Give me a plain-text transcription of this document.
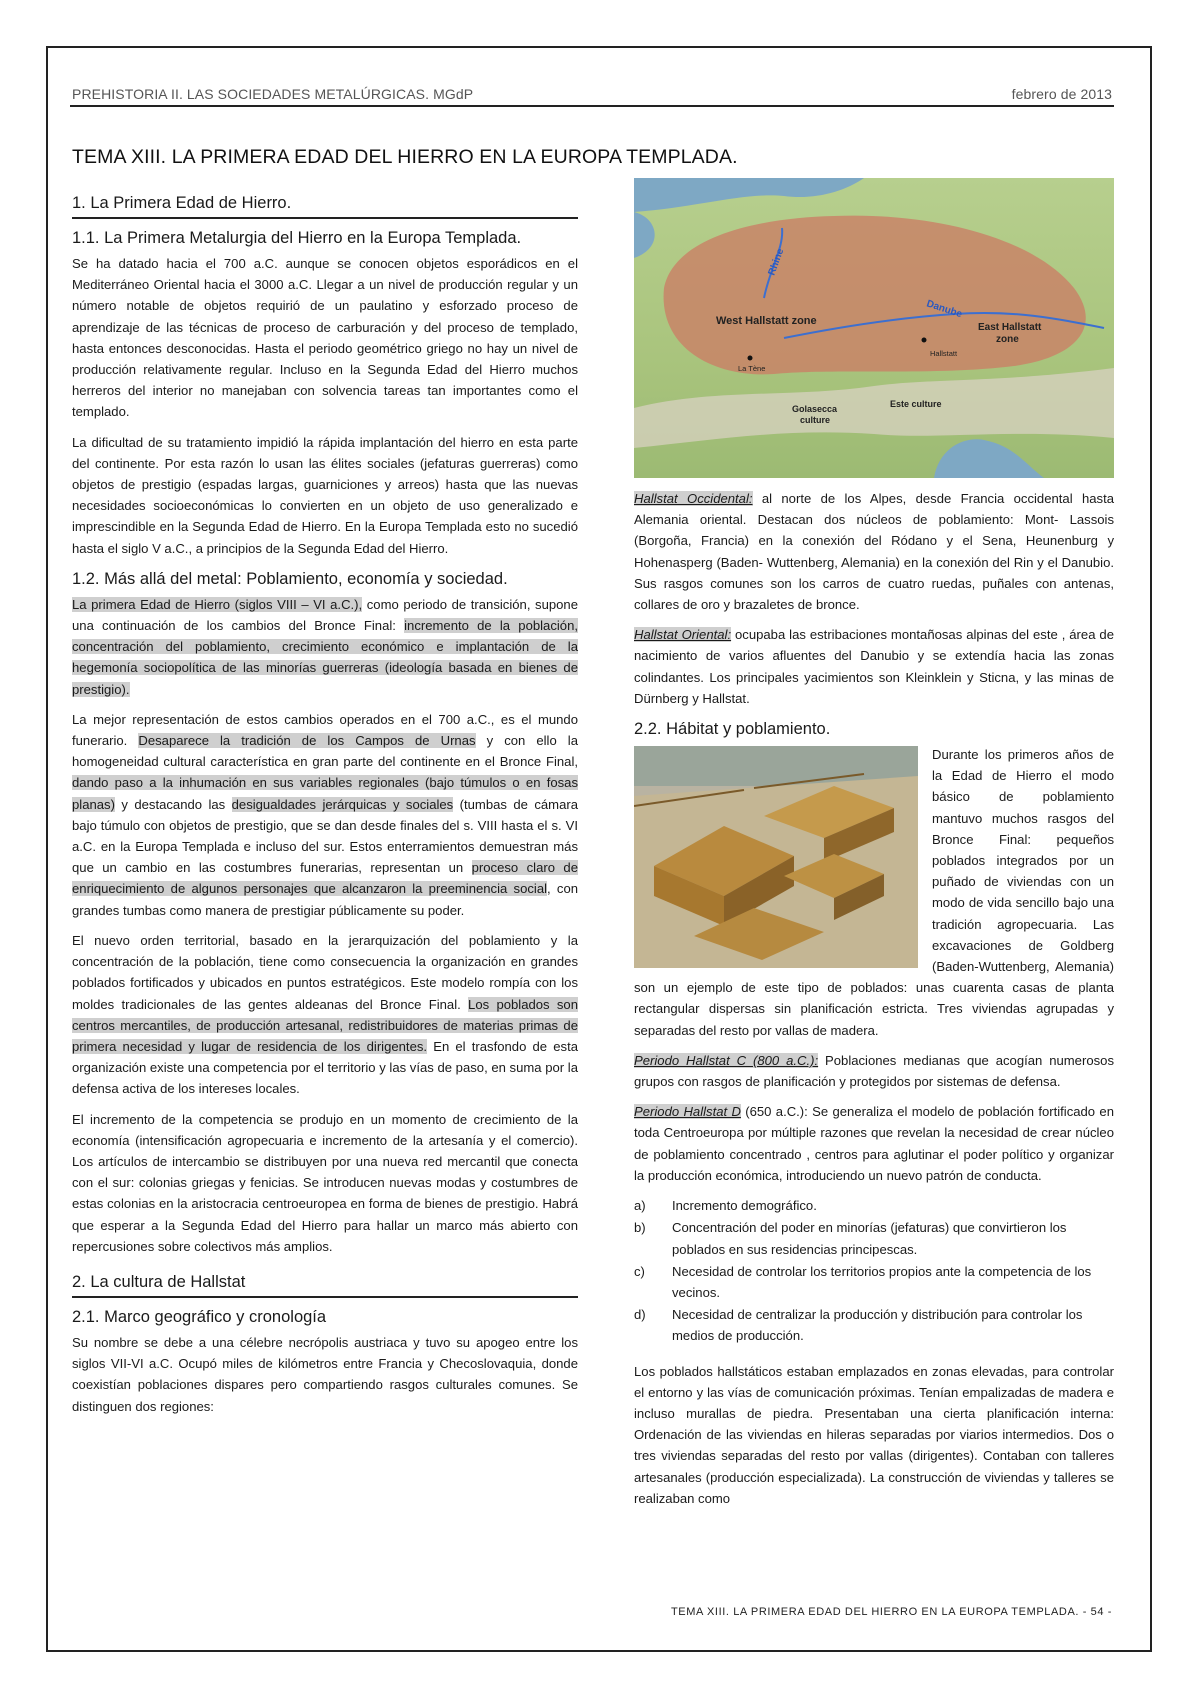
PREHISTORIA II. LAS SOCIEDADES METALÚRGICAS. MGdP	febrero de 2013
TEMA XIII. LA PRIMERA EDAD DEL HIERRO EN LA EUROPA TEMPLADA.
1. La Primera Edad de Hierro.
1.1. La Primera Metalurgia del Hierro en la Europa Templada.

Se ha datado hacia el 700 a.C. aunque se conocen objetos esporádicos en el Mediterráneo Oriental hacia el 3000 a.C. Llegar a un nivel de producción regular y un número notable de objetos requirió de un paulatino y esforzado proceso de aprendizaje de las técnicas de proceso de carburación y del proceso de templado, hasta entonces desconocidas. Hasta el periodo geométrico griego no hay un nivel de producción relativamente regular. Incluso en la Segunda Edad del Hierro muchos herreros del interior no manejaban con solvencia tareas tan importantes como el templado.

La dificultad de su tratamiento impidió la rápida implantación del hierro en esta parte del continente. Por esta razón lo usan las élites sociales (jefaturas guerreras) como objetos de prestigio (espadas largas, guarniciones y arreos) hasta que las nuevas necesidades socioeconómicas lo convierten en un objeto de uso generalizado e imprescindible en la Segunda Edad de Hierro. En la Europa Templada esto no sucedió hasta el siglo V a.C., a principios de la Segunda Edad del Hierro.

1.2. Más allá del metal: Poblamiento, economía y sociedad.

La primera Edad de Hierro (siglos VIII – VI a.C.), como periodo de transición, supone una continuación de los cambios del Bronce Final: incremento de la población, concentración del poblamiento, crecimiento económico e implantación de la hegemonía sociopolítica de las minorías guerreras (ideología basada en bienes de prestigio).

La mejor representación de estos cambios operados en el 700 a.C., es el mundo funerario. Desaparece la tradición de los Campos de Urnas y con ello la homogeneidad cultural característica en gran parte del continente en el Bronce Final, dando paso a la inhumación en sus variables regionales (bajo túmulos o en fosas planas) y destacando las desigualdades jerárquicas y sociales (tumbas de cámara bajo túmulo con objetos de prestigio, que se dan desde finales del s. VIII hasta el s. VI a.C. en la Europa Templada e incluso del sur. Estos enterramientos demuestran más que un cambio en las costumbres funerarias, representan un proceso claro de enriquecimiento de algunos personajes que alcanzaron la preeminencia social, con grandes tumbas como manera de prestigiar públicamente su poder.

El nuevo orden territorial, basado en la jerarquización del poblamiento y la concentración de la población, tiene como consecuencia la organización en grandes poblados fortificados y ubicados en puntos estratégicos. Este modelo rompía con los moldes tradicionales de las gentes aldeanas del Bronce Final. Los poblados son centros mercantiles, de producción artesanal, redistribuidores de materias primas de primera necesidad y lugar de residencia de los dirigentes. En el trasfondo de esta organización existe una competencia por el territorio y las vías de paso, en suma por la defensa activa de los intereses locales.

El incremento de la competencia se produjo en un momento de crecimiento de la economía (intensificación agropecuaria e incremento de la artesanía y el comercio). Los artículos de intercambio se distribuyen por una nueva red mercantil que conecta con el sur: colonias griegas y fenicias. Se introducen nuevas modas y costumbres de estas colonias en la aristocracia centroeuropea en forma de bienes de prestigio. Habrá que esperar a la Segunda Edad del Hierro para hallar un marco más abierto con repercusiones sobre colectivos más amplios.

2. La cultura de Hallstat
2.1. Marco geográfico y cronología

Su nombre se debe a una célebre necrópolis austriaca y tuvo su apogeo entre los siglos VII-VI a.C. Ocupó miles de kilómetros entre Francia y Checoslovaquia, donde coexistían poblaciones dispares pero compartiendo rasgos culturales comunes. Se distinguen dos regiones:

West Hallstatt zone
East Hallstatt
zone
Rhine
Danube
Hallstatt
La Tène
Golasecca
culture
Este culture

Hallstat Occidental: al norte de los Alpes, desde Francia occidental hasta Alemania oriental. Destacan dos núcleos de poblamiento: Mont- Lassois (Borgoña, Francia) en la conexión del Ródano y el Sena, Heunenburg y Hohenasperg (Baden- Wuttenberg, Alemania) en la conexión del Rin y el Danubio. Sus rasgos comunes son los carros de cuatro ruedas, puñales con antenas, collares de oro y brazaletes de bronce.

Hallstat Oriental: ocupaba las estribaciones montañosas alpinas del este , área de nacimiento de varios afluentes del Danubio y se extendía hacia las zonas colindantes. Los principales yacimientos son Kleinklein y Sticna, y las minas de Dürnberg y Hallstat.

2.2. Hábitat y poblamiento.

Durante los primeros años de la Edad de Hierro el modo básico de poblamiento mantuvo muchos rasgos del Bronce Final: pequeños poblados integrados por un puñado de viviendas con un modo de vida sencillo bajo una tradición agropecuaria. Las excavaciones de Goldberg (Baden-Wuttenberg, Alemania) son un ejemplo de este tipo de poblados: unas cuarenta casas de planta rectangular dispersas sin planificación estricta. Tres viviendas agrupadas y separadas del resto por vallas de madera.

Periodo Hallstat C (800 a.C.): Poblaciones medianas que acogían numerosos grupos con rasgos de planificación y protegidos por sistemas de defensa.

Periodo Hallstat D (650 a.C.): Se generaliza el modelo de población fortificado en toda Centroeuropa por múltiple razones que revelan la necesidad de crear núcleo de poblamiento concentrado , centros para aglutinar el poder político y organizar la producción económica, introduciendo un nuevo patrón de conducta.

a) Incremento demográfico.
b) Concentración del poder en minorías (jefaturas) que convirtieron los poblados en sus residencias principescas.
c) Necesidad de controlar los territorios propios ante la competencia de los vecinos.
d) Necesidad de centralizar la producción y distribución para controlar los medios de producción.

Los poblados hallstáticos estaban emplazados en zonas elevadas, para controlar el entorno y las vías de comunicación próximas. Tenían empalizadas de madera e incluso murallas de piedra. Presentaban una cierta planificación interna: Ordenación de las viviendas en hileras separadas por viarios intermedios. Dos o tres viviendas separadas del resto por vallas (dirigentes). Contaban con talleres artesanales (producción especializada). La construcción de viviendas y talleres se realizaban como

TEMA XIII. LA PRIMERA EDAD DEL HIERRO EN LA EUROPA TEMPLADA. - 54 -
